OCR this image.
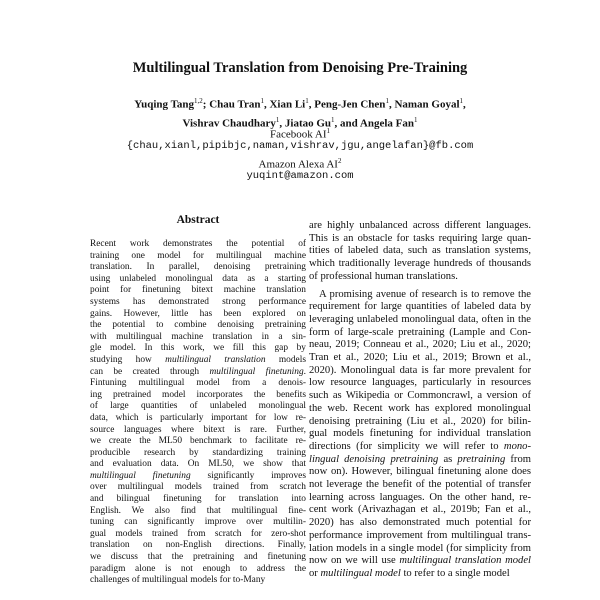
Multilingual Translation from Denoising Pre-Training
Yuqing Tang$^{1,2}$; Chau Tran$^1$, Xian Li$^1$, Peng-Jen Chen$^1$, Naman Goyal$^1$,
Vishrav Chaudhary$^1$, Jiatao Gu$^1$, and Angela Fan$^1$
Facebook $AI^1$
{chau,xianl,pipibjc,naman,vishrav,jgu,angelafan}@fb.com
Amazon Alexa $AI^2$
yuqint@amazon.com
Abstract
Recent work demonstrates the potential of
training one model for multilingual machine
translation. In parallel, denoising pretraining
using unlabeled monolingual data as a starting
point for finetuning bitext machine translation
systems has demonstrated strong performance
gains. However, little has been explored on
the potential to combine denoising pretraining
with multilingual machine translation in a sin-
gle model. In this work, we fill this gap by
studying how multilingual translation models
can be created through multilingual finetuning.
Fintuning multilingual model from a denois-
ing pretrained model incorporates the benefits
of large quantities of unlabeled monolingual
data, which is particularly important for low re-
source languages where bitext is rare. Further,
we create the ML50 benchmark to facilitate re-
producible research by standardizing training
and evaluation data. On ML50, we show that
multilingual finetuning significantly improves
over multilingual models trained from scratch
and bilingual finetuning for translation into
English. We also find that multilingual fine-
tuning can significantly improve over multilin-
gual models trained from scratch for zero-shot
translation on non-English directions. Finally,
we discuss that the pretraining and finetuning
paradigm alone is not enough to address the
challenges of multilingual models for to-Many
are highly unbalanced across different languages.
This is an obstacle for tasks requiring large quan-
tities of labeled data, such as translation systems,
which traditionally leverage hundreds of thousands
of professional human translations.
A promising avenue of research is to remove the
requirement for large quantities of labeled data by
leveraging unlabeled monolingual data, often in the
form of large-scale pretraining (Lample and Con-
neau, 2019; Conneau et al., 2020; Liu et al., 2020;
Tran et al., 2020; Liu et al., 2019; Brown et al.,
2020). Monolingual data is far more prevalent for
low resource languages, particularly in resources
such as Wikipedia or Commoncrawl, a version of
the web. Recent work has explored monolingual
denoising pretraining (Liu et al., 2020) for bilin-
gual models finetuning for individual translation
directions (for simplicity we will refer to mono-
lingual denoising pretraining as pretraining from
now on). However, bilingual finetuning alone does
not leverage the benefit of the potential of transfer
learning across languages. On the other hand, re-
cent work (Arivazhagan et al., 2019b; Fan et al.,
2020) has also demonstrated much potential for
performance improvement from multilingual trans-
lation models in a single model (for simplicity from
now on we will use multilingual translation model
or multilingual model to refer to a single model
